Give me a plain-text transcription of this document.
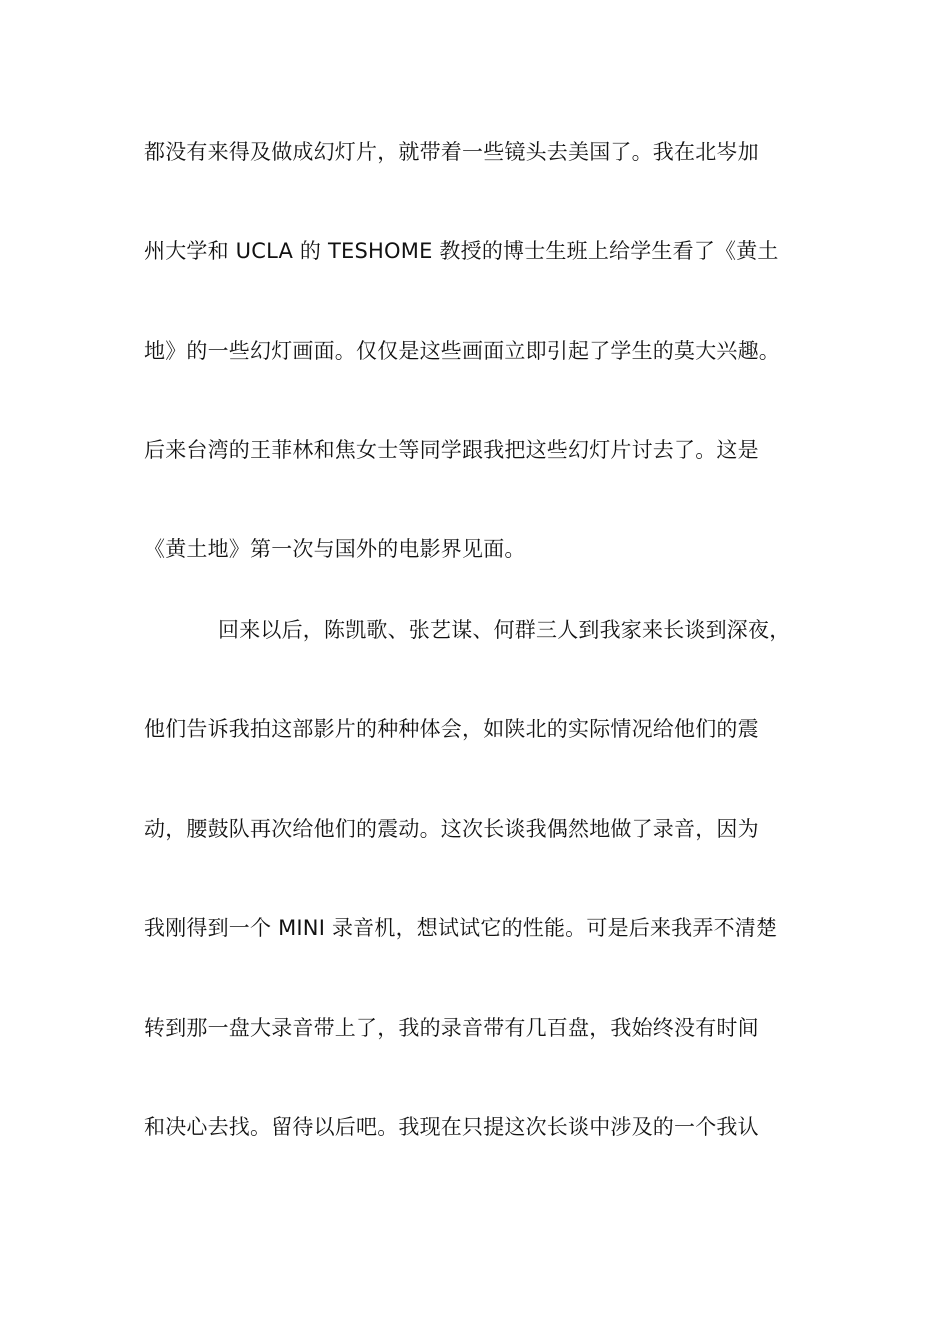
都没有来得及做成幻灯片，就带着一些镜头去美国了。我在北岑加
州大学和 UCLA 的 TESHOME 教授的博士生班上给学生看了《黄土
地》的一些幻灯画面。仅仅是这些画面立即引起了学生的莫大兴趣。
后来台湾的王菲林和焦女士等同学跟我把这些幻灯片讨去了。这是
《黄土地》第一次与国外的电影界见面。
回来以后，陈凯歌、张艺谋、何群三人到我家来长谈到深夜，
他们告诉我拍这部影片的种种体会，如陕北的实际情况给他们的震
动，腰鼓队再次给他们的震动。这次长谈我偶然地做了录音，因为
我刚得到一个 MINI 录音机，想试试它的性能。可是后来我弄不清楚
转到那一盘大录音带上了，我的录音带有几百盘，我始终没有时间
和决心去找。留待以后吧。我现在只提这次长谈中涉及的一个我认
